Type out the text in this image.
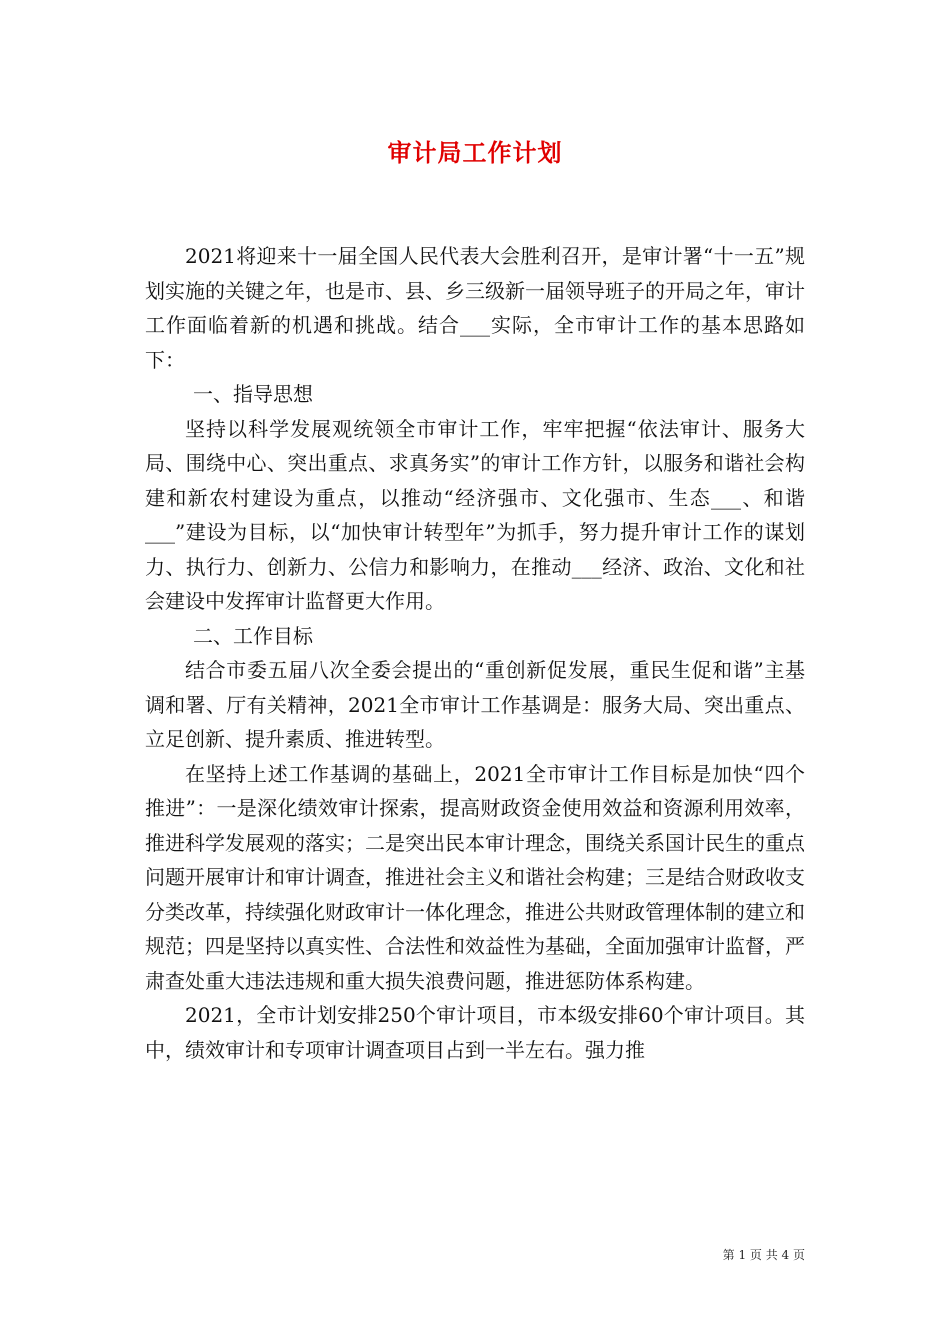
审计局工作计划

2021将迎来十一届全国人民代表大会胜利召开，是审计署“十一五”规划实施的关键之年，也是市、县、乡三级新一届领导班子的开局之年，审计工作面临着新的机遇和挑战。结合___实际，全市审计工作的基本思路如下：

一、指导思想

坚持以科学发展观统领全市审计工作，牢牢把握“依法审计、服务大局、围绕中心、突出重点、求真务实”的审计工作方针，以服务和谐社会构建和新农村建设为重点，以推动“经济强市、文化强市、生态___、和谐___”建设为目标，以“加快审计转型年”为抓手，努力提升审计工作的谋划力、执行力、创新力、公信力和影响力，在推动___经济、政治、文化和社会建设中发挥审计监督更大作用。

二、工作目标

结合市委五届八次全委会提出的“重创新促发展，重民生促和谐”主基调和署、厅有关精神，2021全市审计工作基调是：服务大局、突出重点、立足创新、提升素质、推进转型。

在坚持上述工作基调的基础上，2021全市审计工作目标是加快“四个推进”：一是深化绩效审计探索，提高财政资金使用效益和资源利用效率，推进科学发展观的落实；二是突出民本审计理念，围绕关系国计民生的重点问题开展审计和审计调查，推进社会主义和谐社会构建；三是结合财政收支分类改革，持续强化财政审计一体化理念，推进公共财政管理体制的建立和规范；四是坚持以真实性、合法性和效益性为基础，全面加强审计监督，严肃查处重大违法违规和重大损失浪费问题，推进惩防体系构建。

2021，全市计划安排250个审计项目，市本级安排60个审计项目。其中，绩效审计和专项审计调查项目占到一半左右。强力推

第 1 页 共 4 页
